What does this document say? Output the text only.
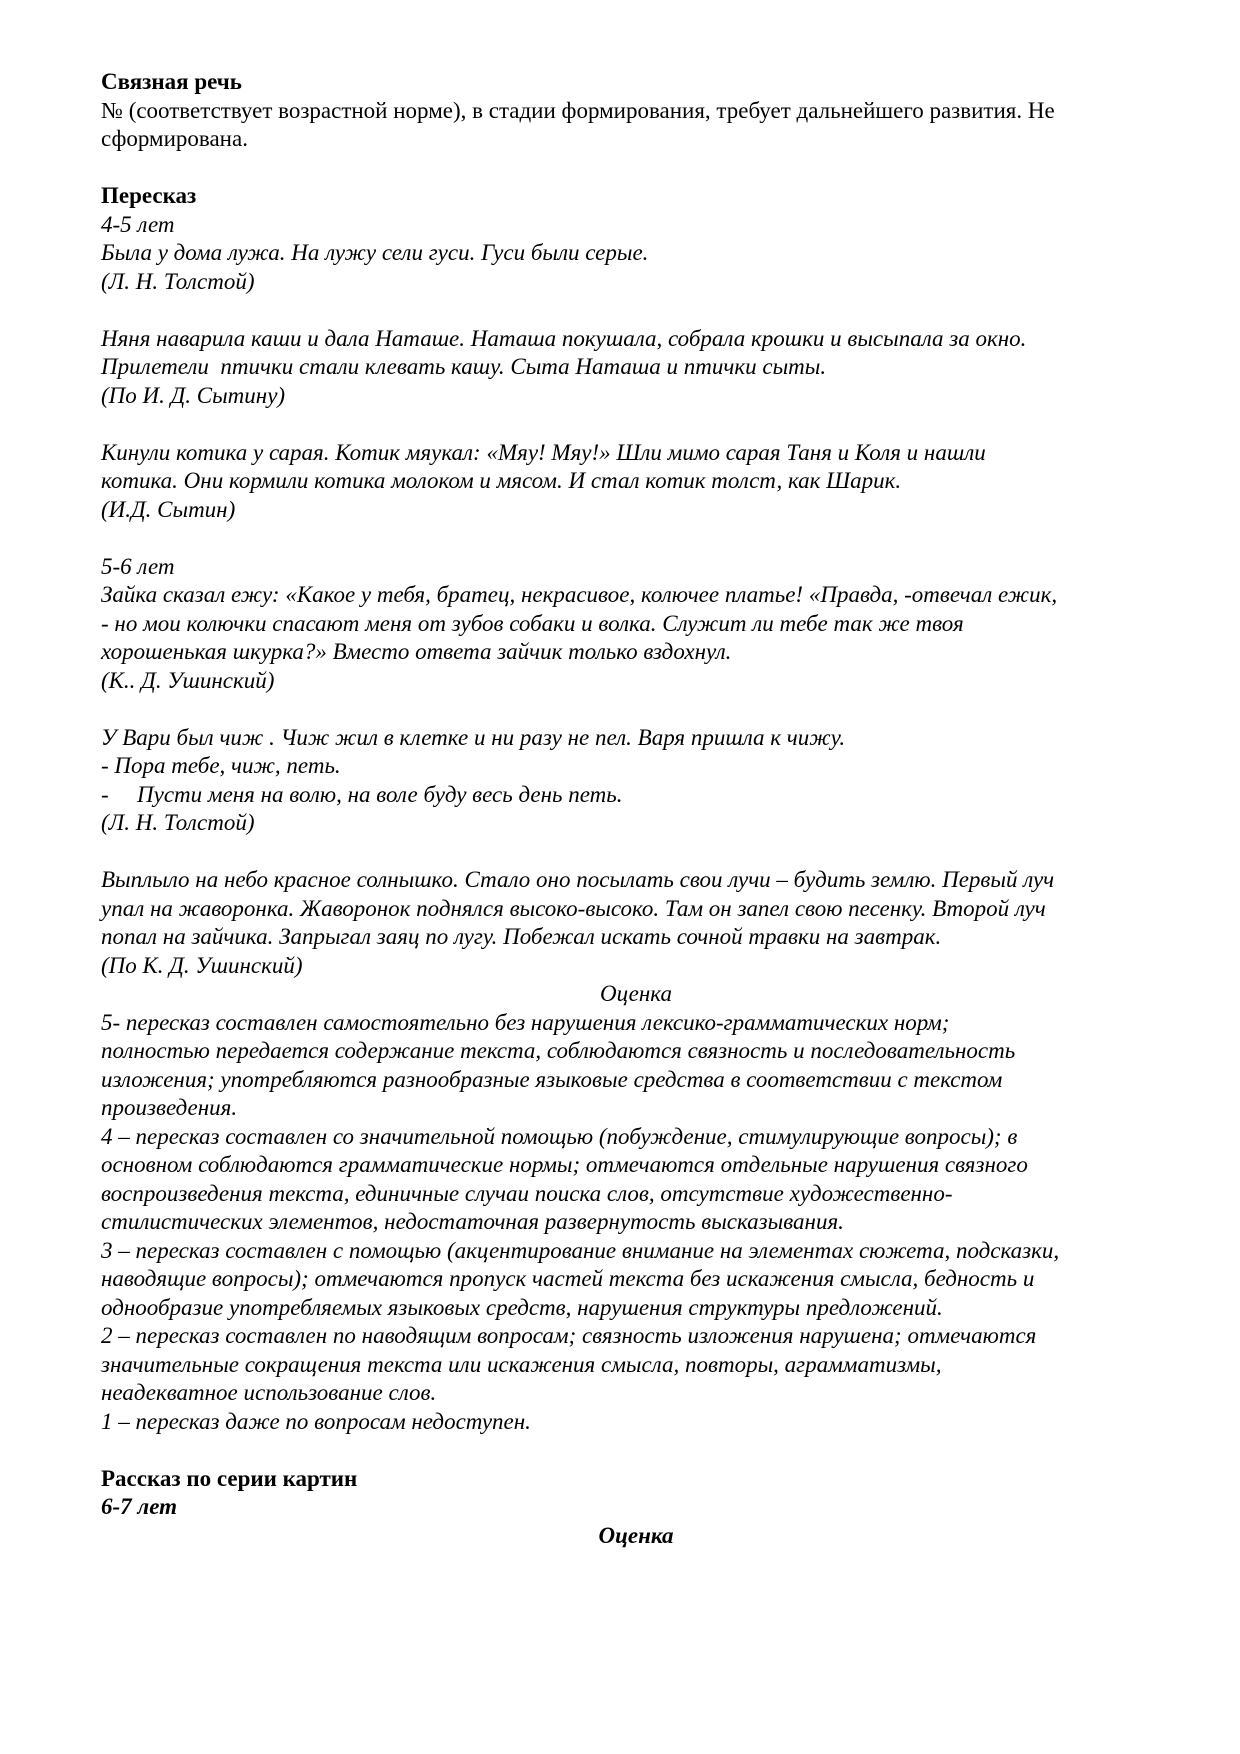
Связная речь
№ (соответствует возрастной норме), в стадии формирования, требует дальнейшего развития. Не
сформирована.
Пересказ
4-5 лет
Была у дома лужа. На лужу сели гуси. Гуси были серые.
(Л. Н. Толстой)
Няня наварила каши и дала Наташе. Наташа покушала, собрала крошки и высыпала за окно.
Прилетели  птички стали клевать кашу. Сыта Наташа и птички сыты.
(По И. Д. Сытину)
Кинули котика у сарая. Котик мяукал: «Мяу! Мяу!» Шли мимо сарая Таня и Коля и нашли
котика. Они кормили котика молоком и мясом. И стал котик толст, как Шарик.
(И.Д. Сытин)
5-6 лет
Зайка сказал ежу: «Какое у тебя, братец, некрасивое, колючее платье! «Правда, -отвечал ежик,
- но мои колючки спасают меня от зубов собаки и волка. Служит ли тебе так же твоя
хорошенькая шкурка?» Вместо ответа зайчик только вздохнул.
(К.. Д. Ушинский)
У Вари был чиж . Чиж жил в клетке и ни разу не пел. Варя пришла к чижу.
- Пора тебе, чиж, петь.
- Пусти меня на волю, на воле буду весь день петь.
(Л. Н. Толстой)
Выплыло на небо красное солнышко. Стало оно посылать свои лучи – будить землю. Первый луч
упал на жаворонка. Жаворонок поднялся высоко-высоко. Там он запел свою песенку. Второй луч
попал на зайчика. Запрыгал заяц по лугу. Побежал искать сочной травки на завтрак.
(По К. Д. Ушинский)
Оценка
5- пересказ составлен самостоятельно без нарушения лексико-грамматических норм;
полностью передается содержание текста, соблюдаются связность и последовательность
изложения; употребляются разнообразные языковые средства в соответствии с текстом
произведения.
4 – пересказ составлен со значительной помощью (побуждение, стимулирующие вопросы); в
основном соблюдаются грамматические нормы; отмечаются отдельные нарушения связного
воспроизведения текста, единичные случаи поиска слов, отсутствие художественно-
стилистических элементов, недостаточная развернутость высказывания.
3 – пересказ составлен с помощью (акцентирование внимание на элементах сюжета, подсказки,
наводящие вопросы); отмечаются пропуск частей текста без искажения смысла, бедность и
однообразие употребляемых языковых средств, нарушения структуры предложений.
2 – пересказ составлен по наводящим вопросам; связность изложения нарушена; отмечаются
значительные сокращения текста или искажения смысла, повторы, аграмматизмы,
неадекватное использование слов.
1 – пересказ даже по вопросам недоступен.
Рассказ по серии картин
6-7 лет
Оценка
